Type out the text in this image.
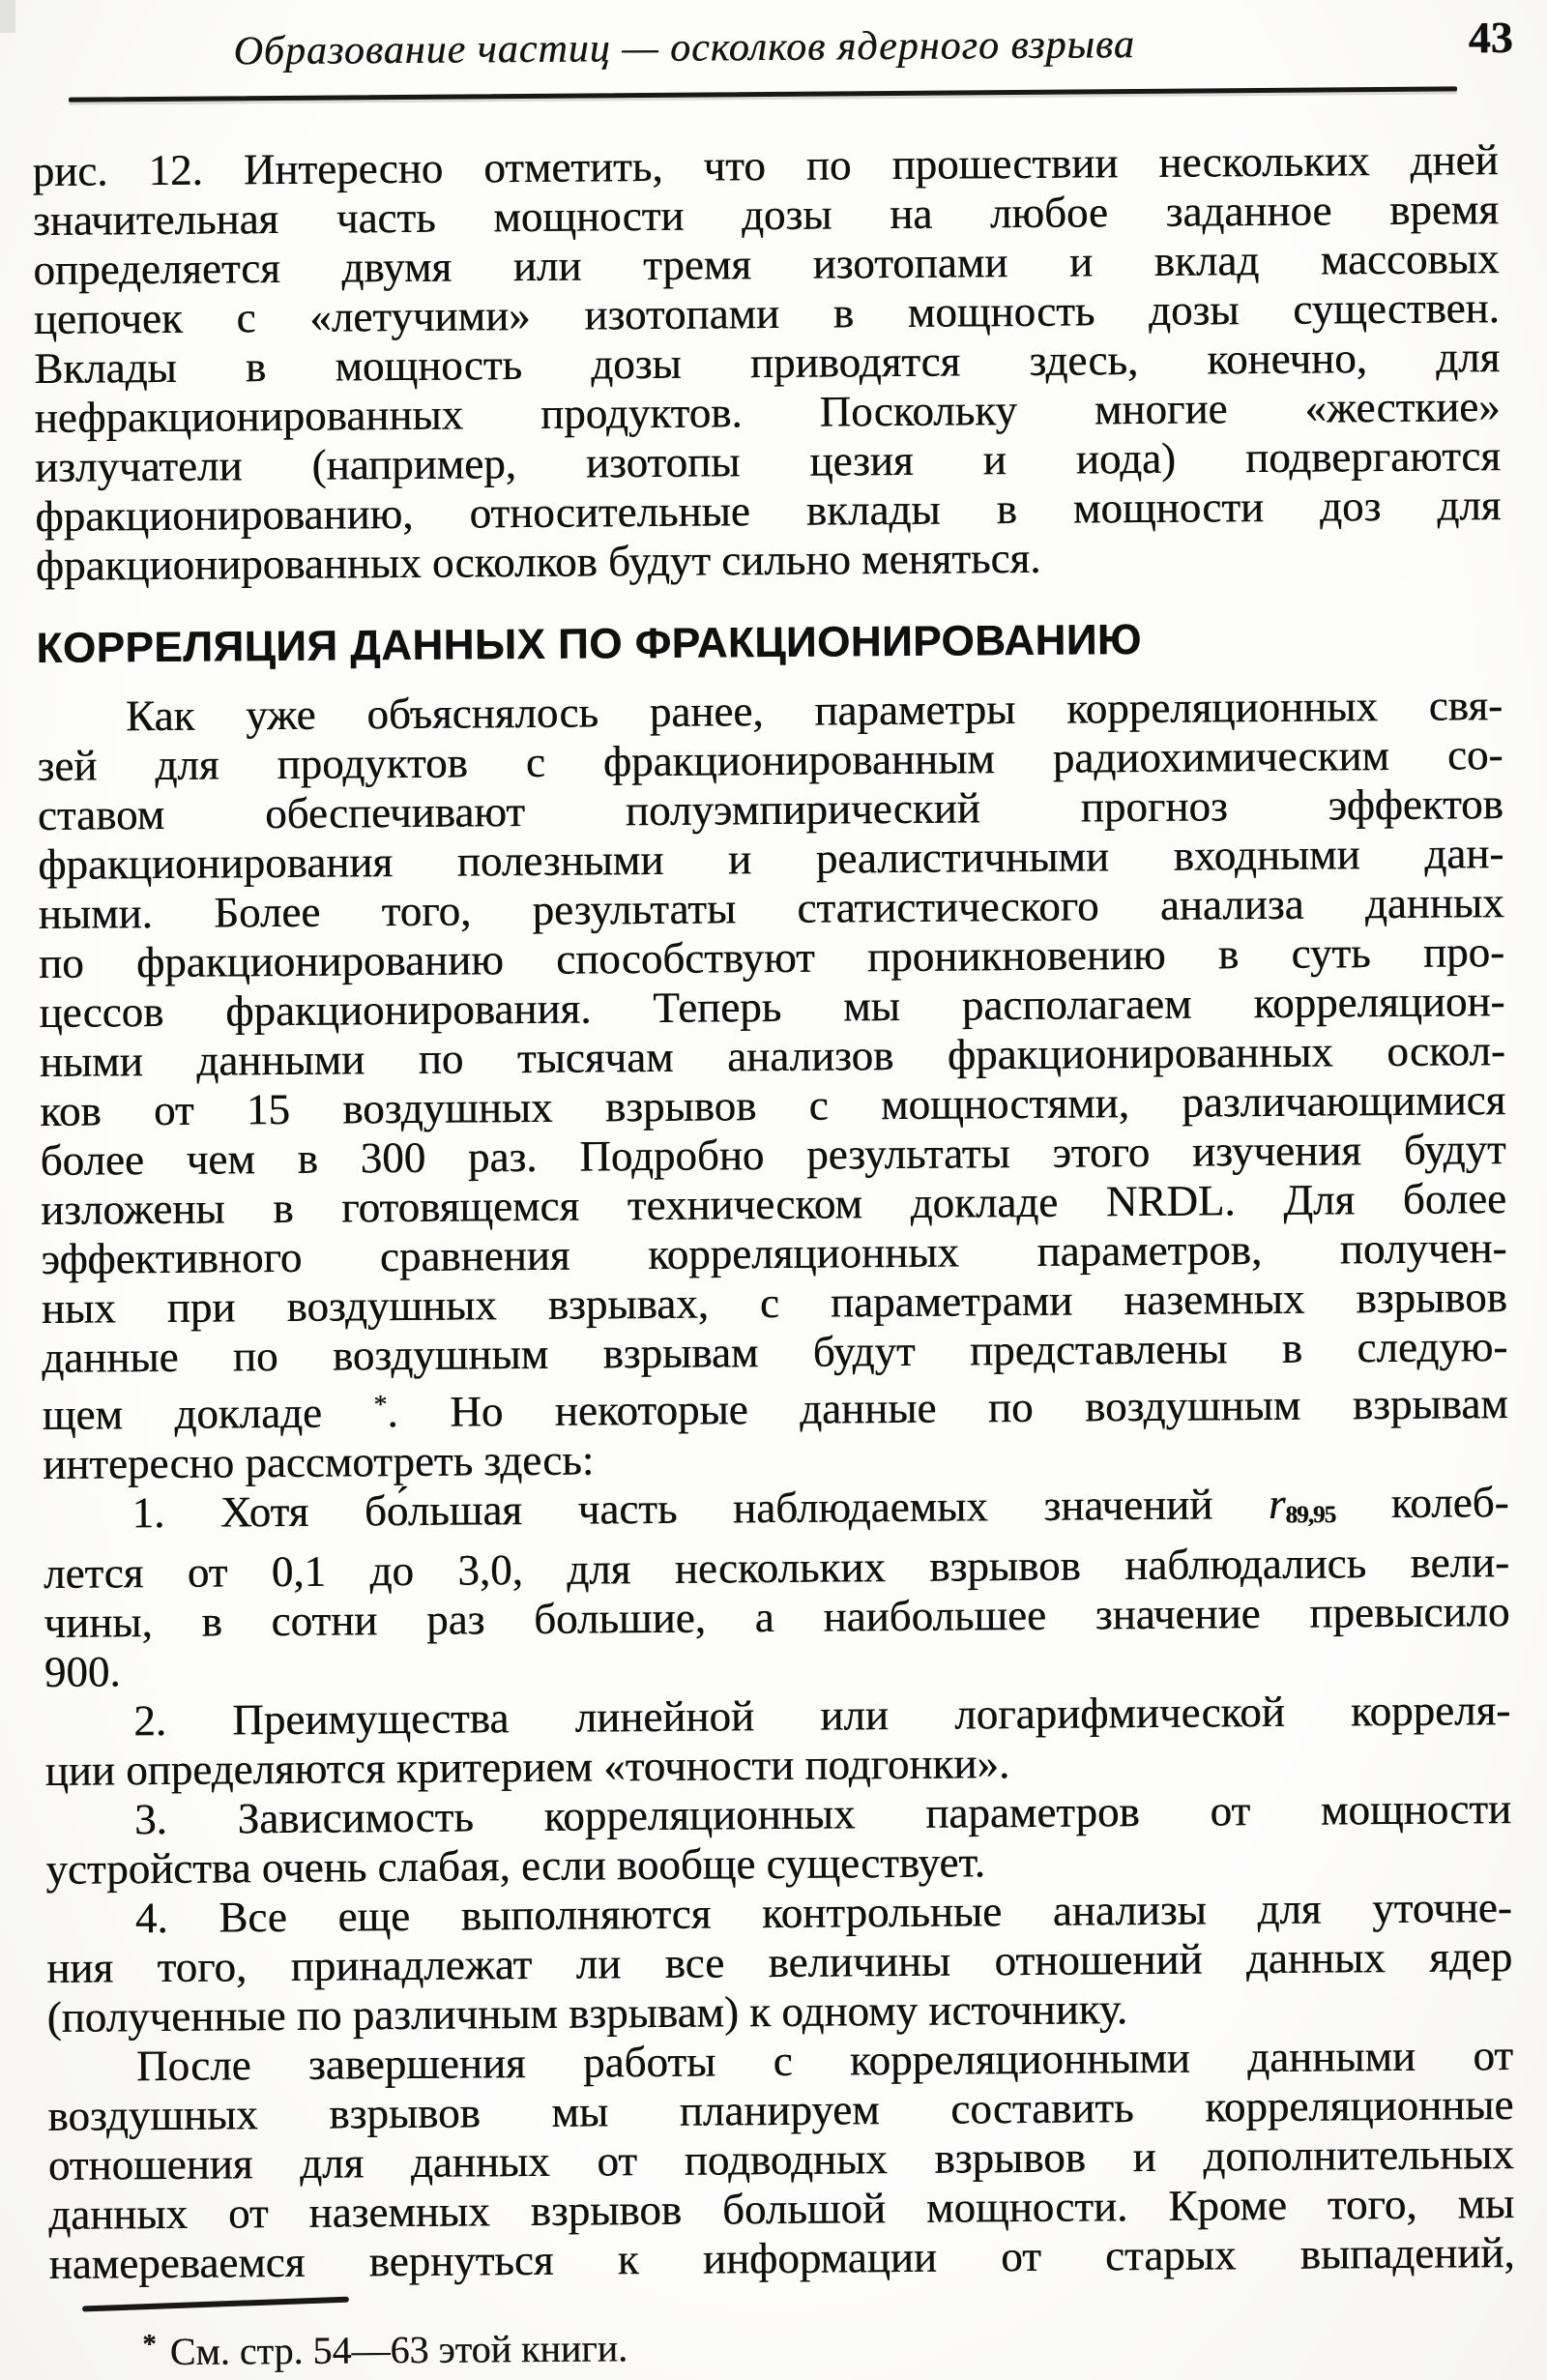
Образование частиц — осколков ядерного взрыва	43
рис. 12. Интересно отметить, что по прошествии нескольких дней
значительная часть мощности дозы на любое заданное время
определяется двумя или тремя изотопами и вклад массовых
цепочек с «летучими» изотопами в мощность дозы существен.
Вклады в мощность дозы приводятся здесь, конечно, для
нефракционированных продуктов. Поскольку многие «жесткие»
излучатели (например, изотопы цезия и иода) подвергаются
фракционированию, относительные вклады в мощности доз для
фракционированных осколков будут сильно меняться.
КОРРЕЛЯЦИЯ ДАННЫХ ПО ФРАКЦИОНИРОВАНИЮ
Как уже объяснялось ранее, параметры корреляционных свя-
зей для продуктов с фракционированным радиохимическим со-
ставом обеспечивают полуэмпирический прогноз эффектов
фракционирования полезными и реалистичными входными дан-
ными. Более того, результаты статистического анализа данных
по фракционированию способствуют проникновению в суть про-
цессов фракционирования. Теперь мы располагаем корреляцион-
ными данными по тысячам анализов фракционированных оскол-
ков от 15 воздушных взрывов с мощностями, различающимися
более чем в 300 раз. Подробно результаты этого изучения будут
изложены в готовящемся техническом докладе NRDL. Для более
эффективного сравнения корреляционных параметров, получен-
ных при воздушных взрывах, с параметрами наземных взрывов
данные по воздушным взрывам будут представлены в следую-
щем докладе *. Но некоторые данные по воздушным взрывам
интересно рассмотреть здесь:
1. Хотя бо́льшая часть наблюдаемых значений $r_{89,95}$ колеб-
лется от 0,1 до 3,0, для нескольких взрывов наблюдались вели-
чины, в сотни раз большие, а наибольшее значение превысило
900.
2. Преимущества линейной или логарифмической корреля-
ции определяются критерием «точности подгонки».
3. Зависимость корреляционных параметров от мощности
устройства очень слабая, если вообще существует.
4. Все еще выполняются контрольные анализы для уточне-
ния того, принадлежат ли все величины отношений данных ядер
(полученные по различным взрывам) к одному источнику.
После завершения работы с корреляционными данными от
воздушных взрывов мы планируем составить корреляционные
отношения для данных от подводных взрывов и дополнительных
данных от наземных взрывов большой мощности. Кроме того, мы
намереваемся вернуться к информации от старых выпадений,
* См. стр. 54—63 этой книги.
